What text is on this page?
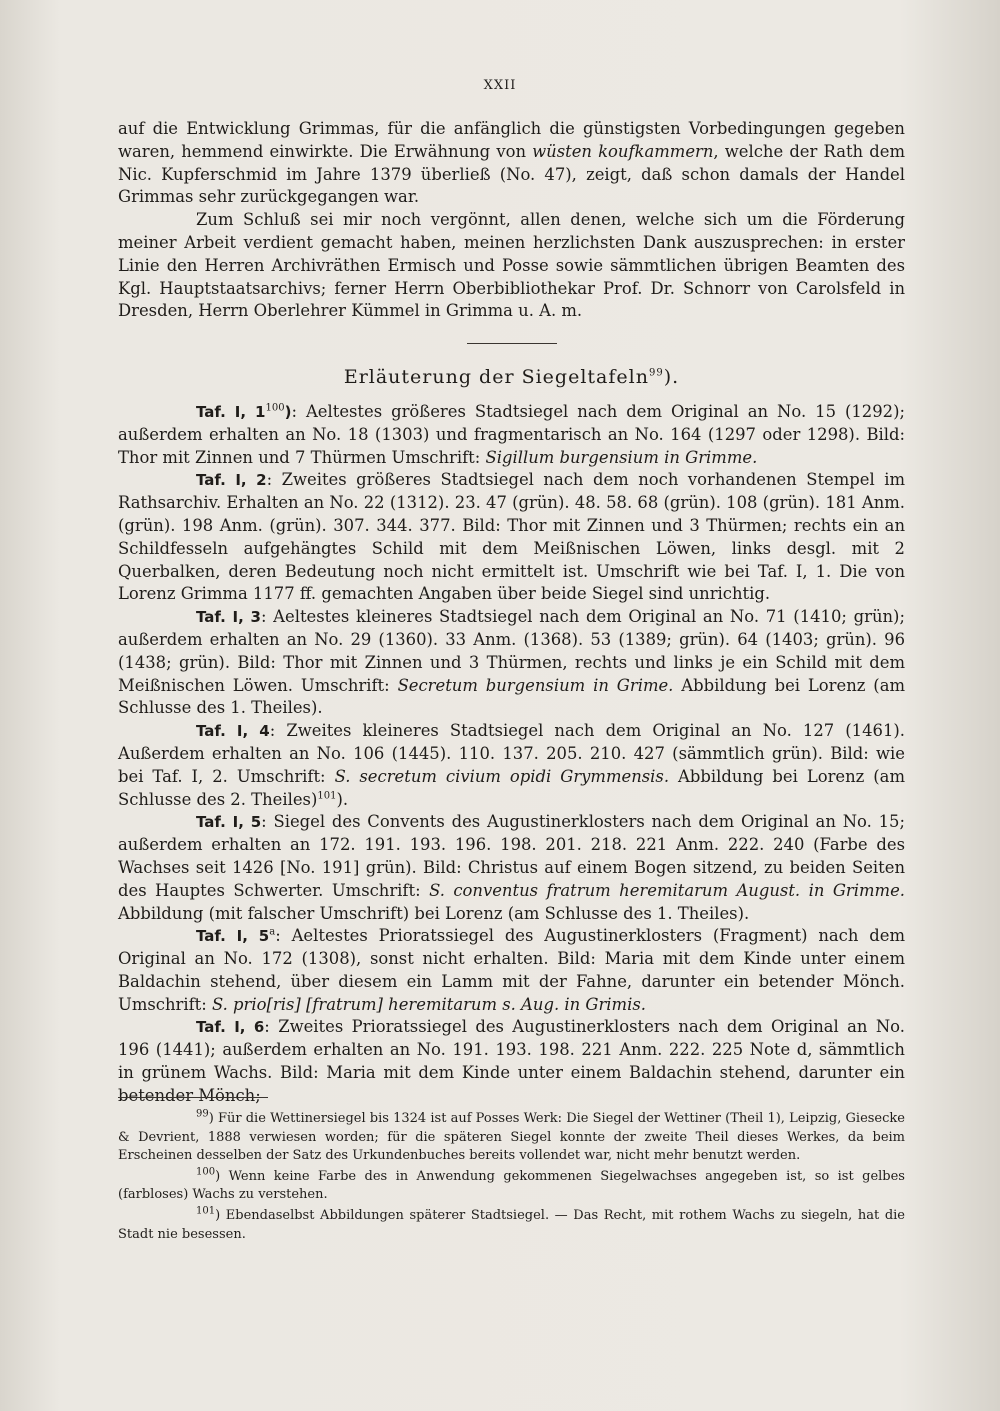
XXII

auf die Entwicklung Grimmas, für die anfänglich die günstigsten Vorbedingungen gegeben waren, hemmend einwirkte. Die Erwähnung von wüsten koufkammern, welche der Rath dem Nic. Kupferschmid im Jahre 1379 überließ (No. 47), zeigt, daß schon damals der Handel Grimmas sehr zurückgegangen war.

Zum Schluß sei mir noch vergönnt, allen denen, welche sich um die Förderung meiner Arbeit verdient gemacht haben, meinen herzlichsten Dank auszusprechen: in erster Linie den Herren Archivräthen Ermisch und Posse sowie sämmtlichen übrigen Beamten des Kgl. Hauptstaatsarchivs; ferner Herrn Oberbibliothekar Prof. Dr. Schnorr von Carolsfeld in Dresden, Herrn Oberlehrer Kümmel in Grimma u. A. m.

Erläuterung der Siegeltafeln$^{99}$).

Taf. I, $1^{100}$): Aeltestes größeres Stadtsiegel nach dem Original an No. 15 (1292); außerdem erhalten an No. 18 (1303) und fragmentarisch an No. 164 (1297 oder 1298). Bild: Thor mit Zinnen und 7 Thürmen Umschrift: Sigillum burgensium in Grimme.

Taf. I, 2: Zweites größeres Stadtsiegel nach dem noch vorhandenen Stempel im Rathsarchiv. Erhalten an No. 22 (1312). 23. 47 (grün). 48. 58. 68 (grün). 108 (grün). 181 Anm. (grün). 198 Anm. (grün). 307. 344. 377. Bild: Thor mit Zinnen und 3 Thürmen; rechts ein an Schildfesseln aufgehängtes Schild mit dem Meißnischen Löwen, links desgl. mit 2 Querbalken, deren Bedeutung noch nicht ermittelt ist. Umschrift wie bei Taf. I, 1. Die von Lorenz Grimma 1177 ff. gemachten Angaben über beide Siegel sind unrichtig.

Taf. I, 3: Aeltestes kleineres Stadtsiegel nach dem Original an No. 71 (1410; grün); außerdem erhalten an No. 29 (1360). 33 Anm. (1368). 53 (1389; grün). 64 (1403; grün). 96 (1438; grün). Bild: Thor mit Zinnen und 3 Thürmen, rechts und links je ein Schild mit dem Meißnischen Löwen. Umschrift: Secretum burgensium in Grime. Abbildung bei Lorenz (am Schlusse des 1. Theiles).

Taf. I, 4: Zweites kleineres Stadtsiegel nach dem Original an No. 127 (1461). Außerdem erhalten an No. 106 (1445). 110. 137. 205. 210. 427 (sämmtlich grün). Bild: wie bei Taf. I, 2. Umschrift: S. secretum civium opidi Grymmensis. Abbildung bei Lorenz (am Schlusse des 2. Theiles)$^{101}$).

Taf. I, 5: Siegel des Convents des Augustinerklosters nach dem Original an No. 15; außerdem erhalten an 172. 191. 193. 196. 198. 201. 218. 221 Anm. 222. 240 (Farbe des Wachses seit 1426 [No. 191] grün). Bild: Christus auf einem Bogen sitzend, zu beiden Seiten des Hauptes Schwerter. Umschrift: S. conventus fratrum heremitarum August. in Grimme. Abbildung (mit falscher Umschrift) bei Lorenz (am Schlusse des 1. Theiles).

Taf. I, 5$^a$: Aeltestes Prioratssiegel des Augustinerklosters (Fragment) nach dem Original an No. 172 (1308), sonst nicht erhalten. Bild: Maria mit dem Kinde unter einem Baldachin stehend, über diesem ein Lamm mit der Fahne, darunter ein betender Mönch. Umschrift: S. prio[ris] [fratrum] heremitarum s. Aug. in Grimis.

Taf. I, 6: Zweites Prioratssiegel des Augustinerklosters nach dem Original an No. 196 (1441); außerdem erhalten an No. 191. 193. 198. 221 Anm. 222. 225 Note d, sämmtlich in grünem Wachs. Bild: Maria mit dem Kinde unter einem Baldachin stehend, darunter ein betender Mönch;

$^{99}$) Für die Wettinersiegel bis 1324 ist auf Posses Werk: Die Siegel der Wettiner (Theil 1), Leipzig, Giesecke & Devrient, 1888 verwiesen worden; für die späteren Siegel konnte der zweite Theil dieses Werkes, da beim Erscheinen desselben der Satz des Urkundenbuches bereits vollendet war, nicht mehr benutzt werden.

$^{100}$) Wenn keine Farbe des in Anwendung gekommenen Siegelwachses angegeben ist, so ist gelbes (farbloses) Wachs zu verstehen.

$^{101}$) Ebendaselbst Abbildungen späterer Stadtsiegel. — Das Recht, mit rothem Wachs zu siegeln, hat die Stadt nie besessen.
